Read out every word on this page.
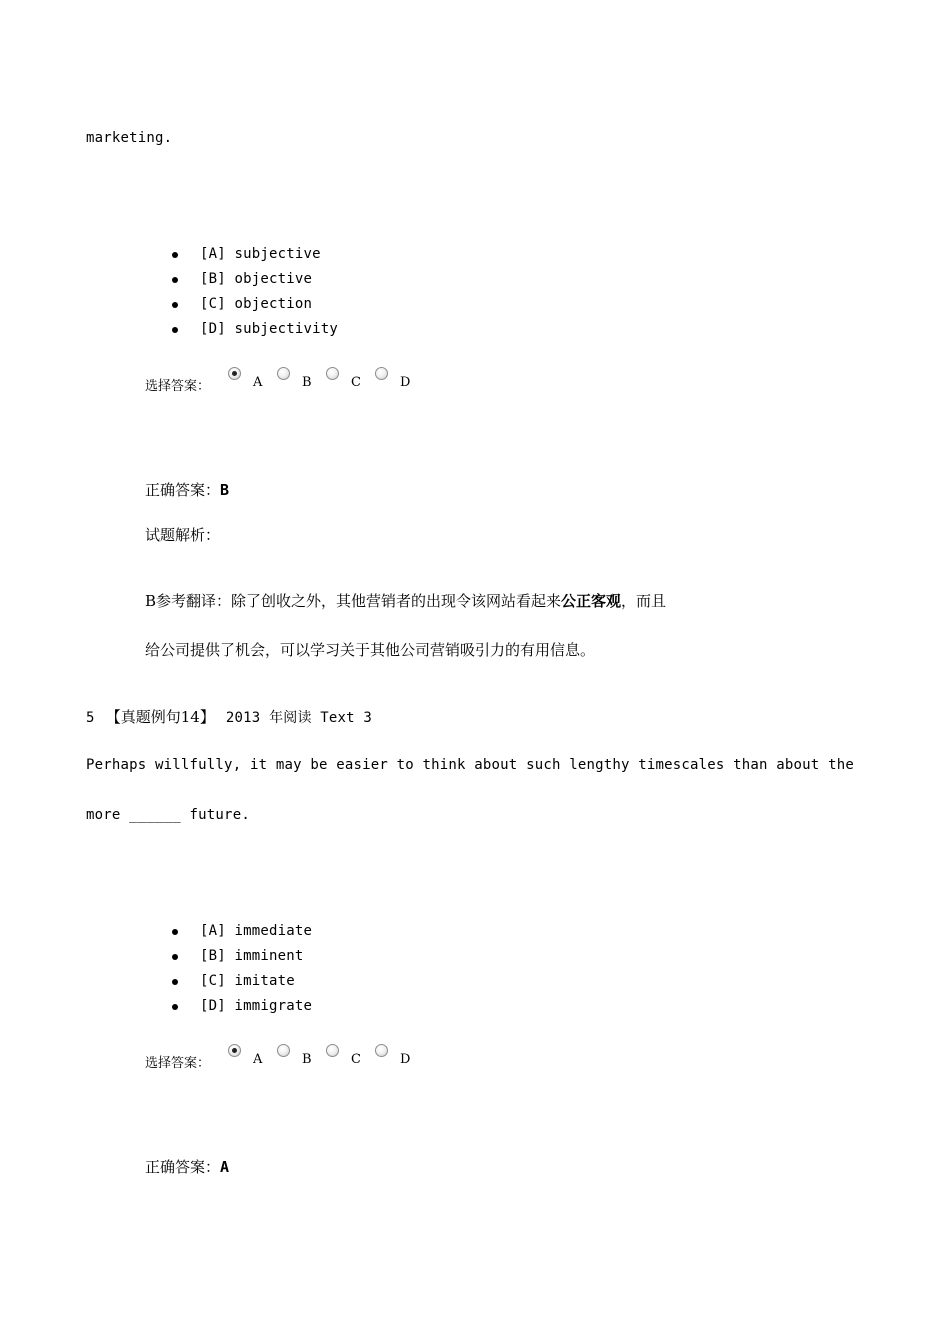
marketing.
[A] subjective
[B] objective
[C] objection
[D] subjectivity
选择答案：	A	B	C	D
正确答案：B
试题解析：
B参考翻译：除了创收之外，其他营销者的出现令该网站看起来公正客观，而且
给公司提供了机会，可以学习关于其他公司营销吸引力的有用信息。
5 【真题例句14】 2013 年阅读 Text 3
Perhaps willfully, it may be easier to think about such lengthy timescales than about the
more ______ future.
[A] immediate
[B] imminent
[C] imitate
[D] immigrate
选择答案：	A	B	C	D
正确答案：A
